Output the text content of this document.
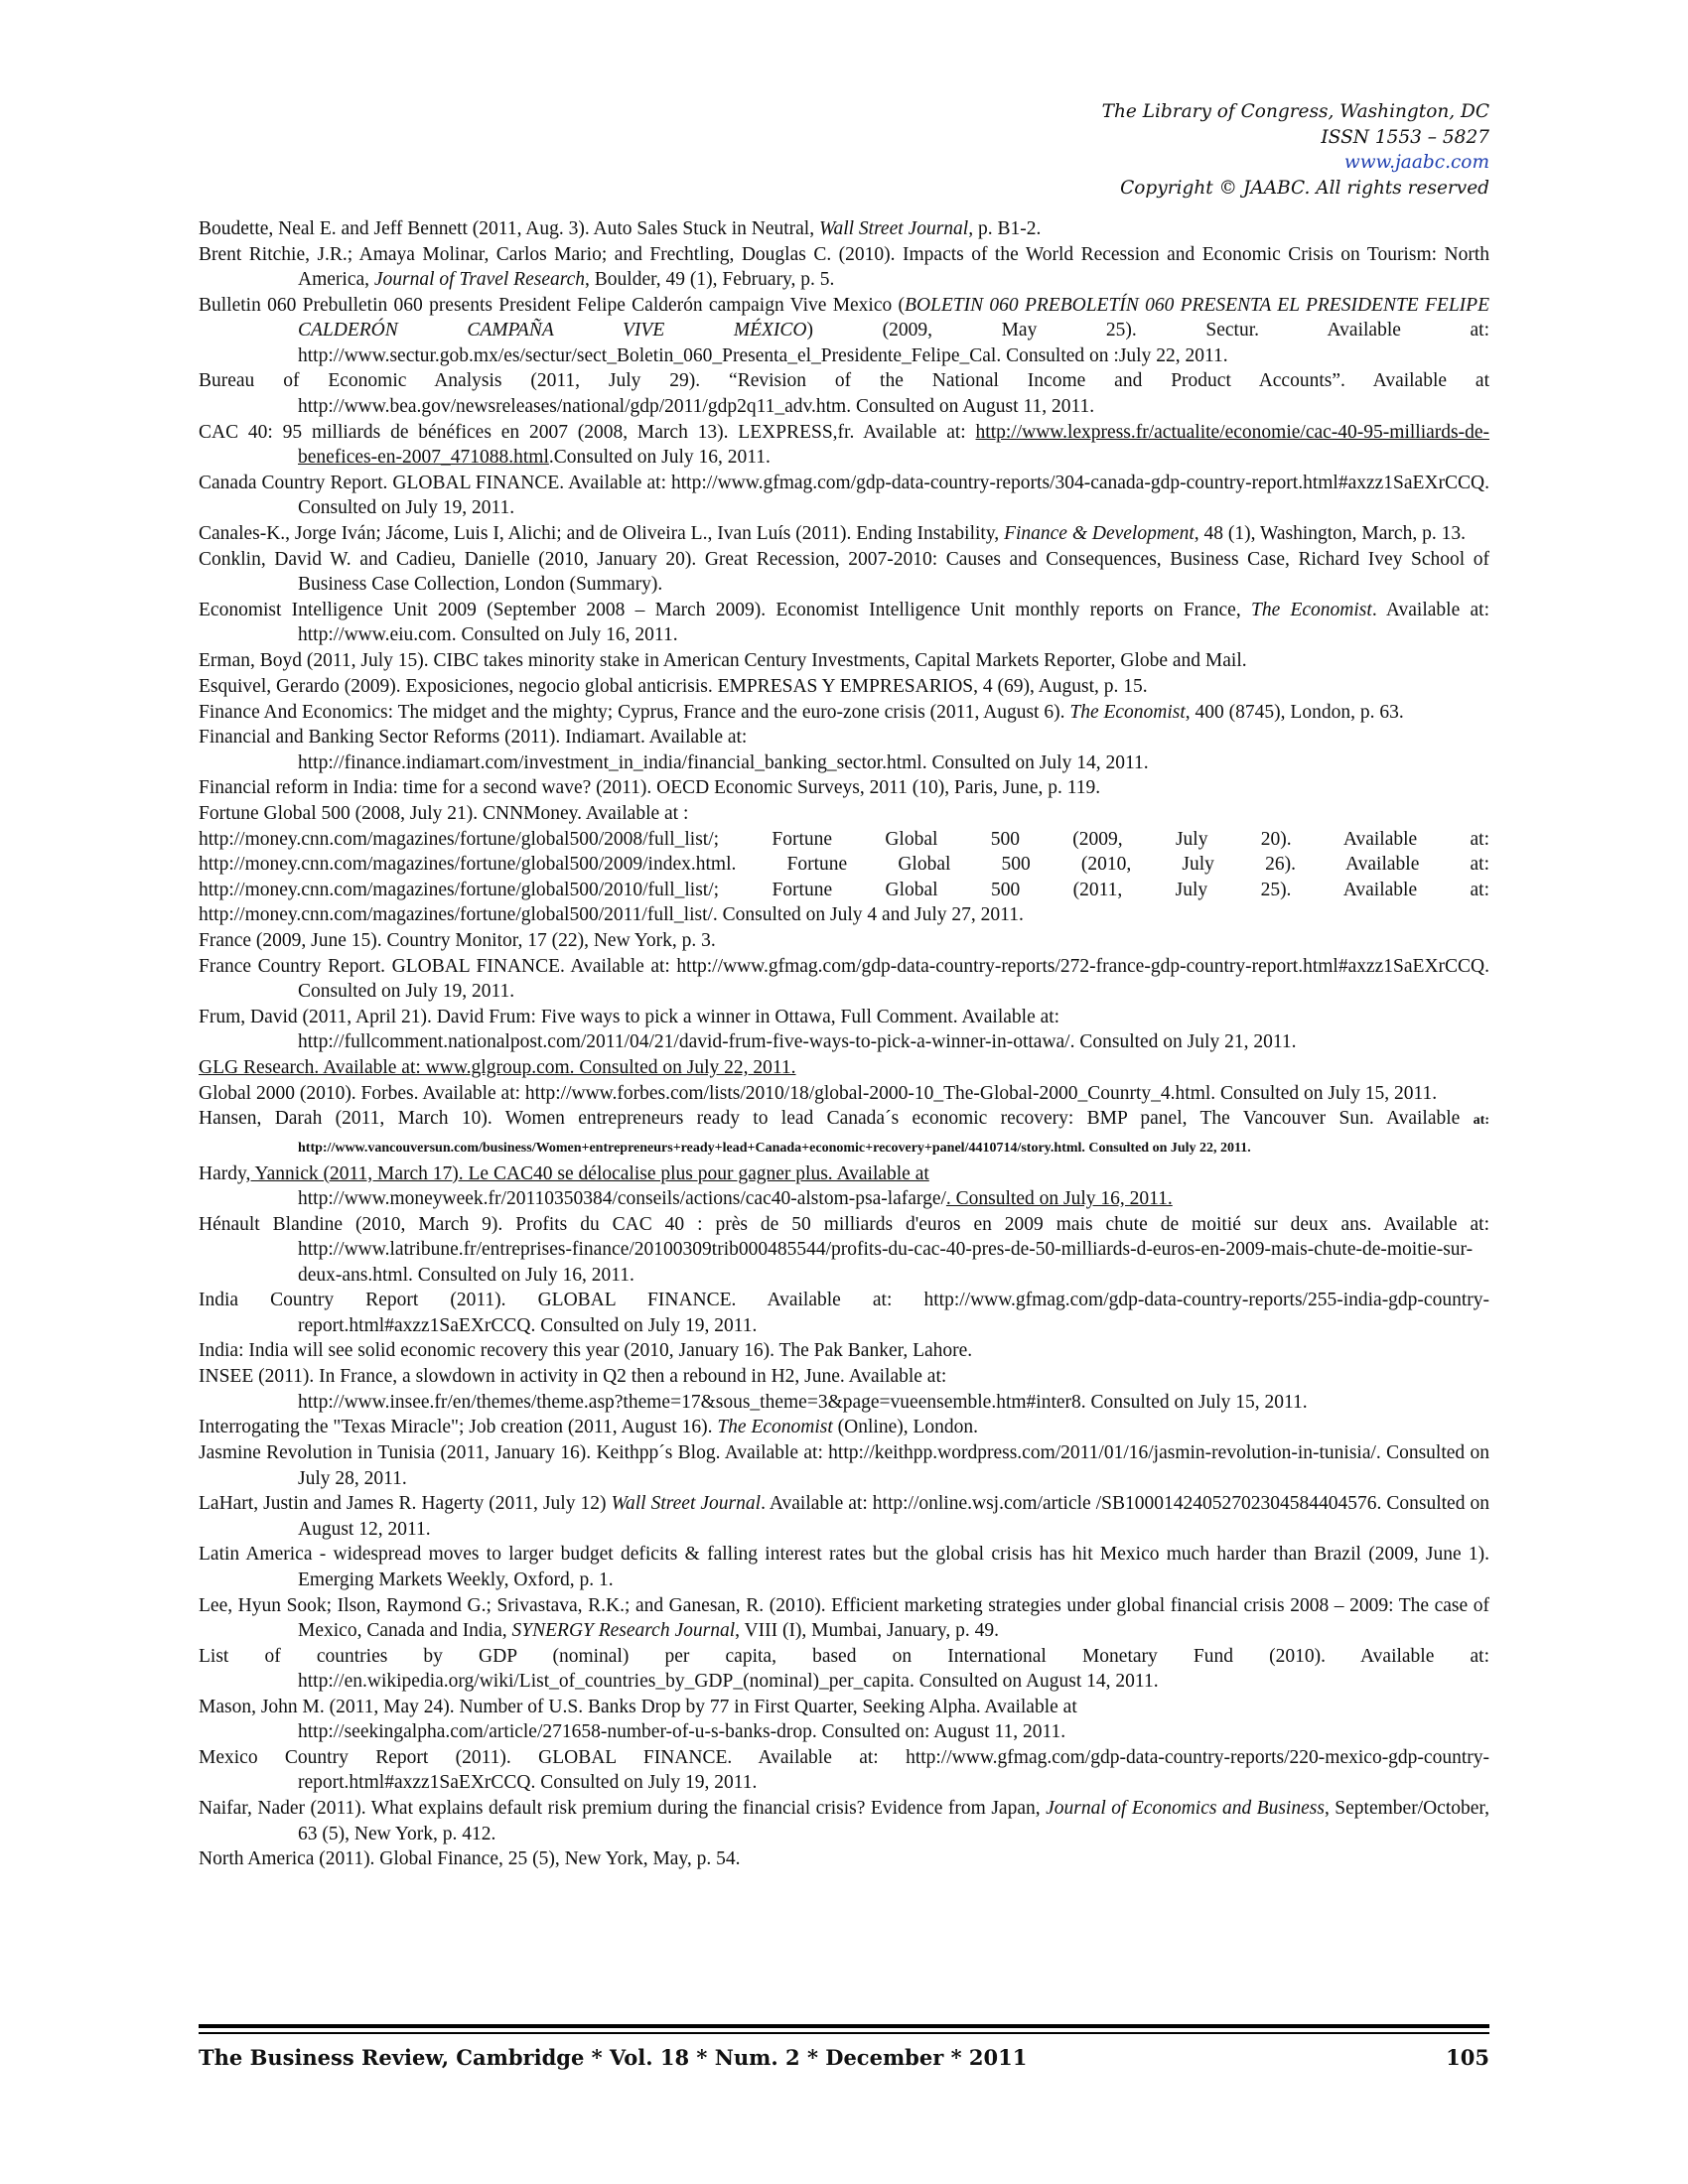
The Library of Congress, Washington, DC
ISSN 1553 – 5827
www.jaabc.com
Copyright © JAABC. All rights reserved

Boudette, Neal E. and Jeff Bennett (2011, Aug. 3). Auto Sales Stuck in Neutral, Wall Street Journal, p. B1-2.

Brent Ritchie, J.R.; Amaya Molinar, Carlos Mario; and Frechtling, Douglas C. (2010). Impacts of the World Recession and Economic Crisis on Tourism: North America, Journal of Travel Research, Boulder, 49 (1), February, p. 5.

Bulletin 060 Prebulletin 060 presents President Felipe Calderón campaign Vive Mexico (BOLETIN 060 PREBOLETÍN 060 PRESENTA EL PRESIDENTE FELIPE CALDERÓN CAMPAÑA VIVE MÉXICO) (2009, May 25). Sectur. Available at: http://www.sectur.gob.mx/es/sectur/sect_Boletin_060_Presenta_el_Presidente_Felipe_Cal. Consulted on :July 22, 2011.

Bureau of Economic Analysis (2011, July 29). “Revision of the National Income and Product Accounts”. Available at http://www.bea.gov/newsreleases/national/gdp/2011/gdp2q11_adv.htm. Consulted on August 11, 2011.

CAC 40: 95 milliards de bénéfices en 2007 (2008, March 13). LEXPRESS,fr. Available at: http://www.lexpress.fr/actualite/economie/cac-40-95-milliards-de-benefices-en-2007_471088.html.Consulted on July 16, 2011.

Canada Country Report. GLOBAL FINANCE. Available at: http://www.gfmag.com/gdp-data-country-reports/304-canada-gdp-country-report.html#axzz1SaEXrCCQ. Consulted on July 19, 2011.

Canales-K., Jorge Iván; Jácome, Luis I, Alichi; and de Oliveira L., Ivan Luís (2011). Ending Instability, Finance & Development, 48 (1), Washington, March, p. 13.

Conklin, David W. and Cadieu, Danielle (2010, January 20). Great Recession, 2007-2010: Causes and Consequences, Business Case, Richard Ivey School of Business Case Collection, London (Summary).

Economist Intelligence Unit 2009 (September 2008 – March 2009). Economist Intelligence Unit monthly reports on France, The Economist. Available at: http://www.eiu.com. Consulted on July 16, 2011.

Erman, Boyd (2011, July 15). CIBC takes minority stake in American Century Investments, Capital Markets Reporter, Globe and Mail.

Esquivel, Gerardo (2009). Exposiciones, negocio global anticrisis. EMPRESAS Y EMPRESARIOS, 4 (69), August, p. 15.

Finance And Economics: The midget and the mighty; Cyprus, France and the euro-zone crisis (2011, August 6). The Economist, 400 (8745), London, p. 63.

Financial and Banking Sector Reforms (2011). Indiamart. Available at:
http://finance.indiamart.com/investment_in_india/financial_banking_sector.html. Consulted on July 14, 2011.

Financial reform in India: time for a second wave? (2011). OECD Economic Surveys, 2011 (10), Paris, June, p. 119.

Fortune Global 500 (2008, July 21). CNNMoney. Available at :

http://money.cnn.com/magazines/fortune/global500/2008/full_list/; Fortune Global 500 (2009, July 20). Available at: http://money.cnn.com/magazines/fortune/global500/2009/index.html. Fortune Global 500 (2010, July 26). Available at: http://money.cnn.com/magazines/fortune/global500/2010/full_list/; Fortune Global 500 (2011, July 25). Available at: http://money.cnn.com/magazines/fortune/global500/2011/full_list/. Consulted on July 4 and July 27, 2011.

France (2009, June 15). Country Monitor, 17 (22), New York, p. 3.

France Country Report. GLOBAL FINANCE. Available at: http://www.gfmag.com/gdp-data-country-reports/272-france-gdp-country-report.html#axzz1SaEXrCCQ. Consulted on July 19, 2011.

Frum, David (2011, April 21). David Frum: Five ways to pick a winner in Ottawa, Full Comment. Available at:
http://fullcomment.nationalpost.com/2011/04/21/david-frum-five-ways-to-pick-a-winner-in-ottawa/. Consulted on July 21, 2011.

GLG Research. Available at: www.glgroup.com. Consulted on July 22, 2011.

Global 2000 (2010). Forbes. Available at: http://www.forbes.com/lists/2010/18/global-2000-10_The-Global-2000_Counrty_4.html. Consulted on July 15, 2011.

Hansen, Darah (2011, March 10). Women entrepreneurs ready to lead Canada´s economic recovery: BMP panel, The Vancouver Sun. Available at: http://www.vancouversun.com/business/Women+entrepreneurs+ready+lead+Canada+economic+recovery+panel/4410714/story.html. Consulted on July 22, 2011.

Hardy, Yannick (2011, March 17). Le CAC40 se délocalise plus pour gagner plus. Available at
http://www.moneyweek.fr/20110350384/conseils/actions/cac40-alstom-psa-lafarge/. Consulted on July 16, 2011.

Hénault Blandine (2010, March 9). Profits du CAC 40 : près de 50 milliards d'euros en 2009 mais chute de moitié sur deux ans. Available at: http://www.latribune.fr/entreprises-finance/20100309trib000485544/profits-du-cac-40-pres-de-50-milliards-d-euros-en-2009-mais-chute-de-moitie-sur-deux-ans.html. Consulted on July 16, 2011.

India Country Report (2011). GLOBAL FINANCE. Available at: http://www.gfmag.com/gdp-data-country-reports/255-india-gdp-country-report.html#axzz1SaEXrCCQ. Consulted on July 19, 2011.

India: India will see solid economic recovery this year (2010, January 16). The Pak Banker, Lahore.

INSEE (2011). In France, a slowdown in activity in Q2 then a rebound in H2, June. Available at:
http://www.insee.fr/en/themes/theme.asp?theme=17&sous_theme=3&page=vueensemble.htm#inter8. Consulted on July 15, 2011.

Interrogating the "Texas Miracle"; Job creation (2011, August 16). The Economist (Online), London.

Jasmine Revolution in Tunisia (2011, January 16). Keithpp´s Blog. Available at: http://keithpp.wordpress.com/2011/01/16/jasmin-revolution-in-tunisia/. Consulted on July 28, 2011.

LaHart, Justin and James R. Hagerty (2011, July 12) Wall Street Journal. Available at: http://online.wsj.com/article /SB10001424052702304584404576. Consulted on August 12, 2011.

Latin America - widespread moves to larger budget deficits & falling interest rates but the global crisis has hit Mexico much harder than Brazil (2009, June 1). Emerging Markets Weekly, Oxford, p. 1.

Lee, Hyun Sook; Ilson, Raymond G.; Srivastava, R.K.; and Ganesan, R. (2010). Efficient marketing strategies under global financial crisis 2008 – 2009: The case of Mexico, Canada and India, SYNERGY Research Journal, VIII (I), Mumbai, January, p. 49.

List of countries by GDP (nominal) per capita, based on International Monetary Fund (2010). Available at: http://en.wikipedia.org/wiki/List_of_countries_by_GDP_(nominal)_per_capita. Consulted on August 14, 2011.

Mason, John M. (2011, May 24). Number of U.S. Banks Drop by 77 in First Quarter, Seeking Alpha. Available at
http://seekingalpha.com/article/271658-number-of-u-s-banks-drop. Consulted on: August 11, 2011.

Mexico Country Report (2011). GLOBAL FINANCE. Available at: http://www.gfmag.com/gdp-data-country-reports/220-mexico-gdp-country-report.html#axzz1SaEXrCCQ. Consulted on July 19, 2011.

Naifar, Nader (2011). What explains default risk premium during the financial crisis? Evidence from Japan, Journal of Economics and Business, September/October, 63 (5), New York, p. 412.

North America (2011). Global Finance, 25 (5), New York, May, p. 54.

The Business Review, Cambridge * Vol. 18 * Num. 2 * December * 2011	105
